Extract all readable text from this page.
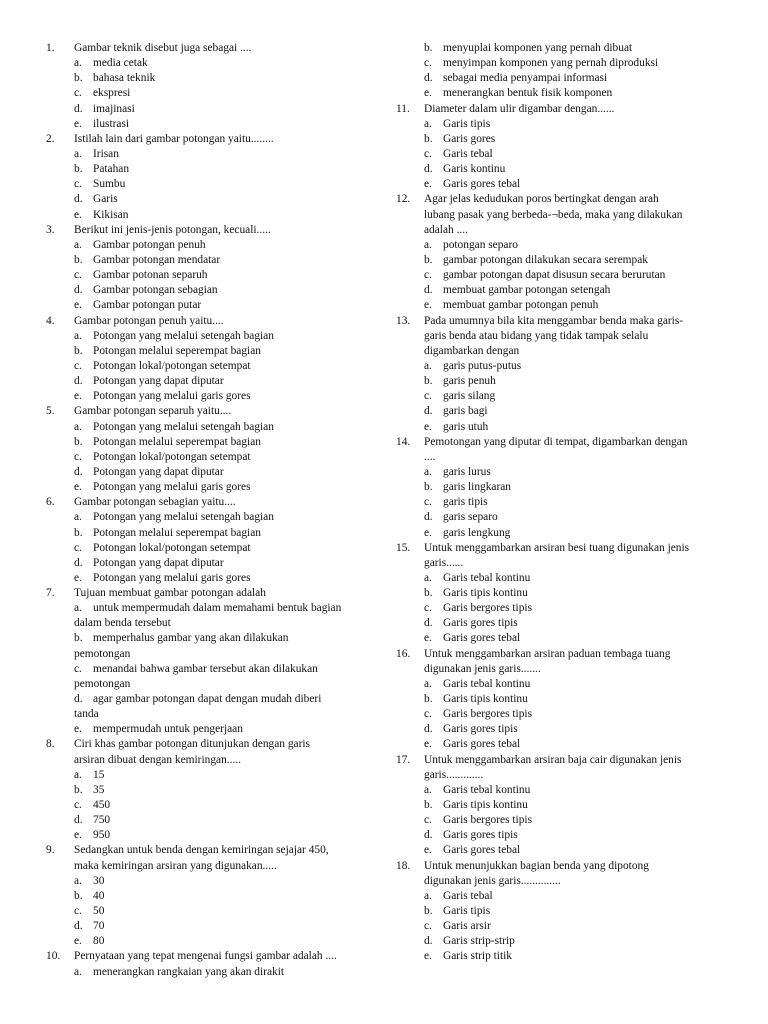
1.	Gambar teknik disebut juga sebagai ....
a. media cetak
b. bahasa teknik
c. ekspresi
d. imajinasi
e. ilustrasi
2.	Istilah lain dari gambar potongan yaitu........
a. Irisan
b. Patahan
c. Sumbu
d. Garis
e. Kikisan
3.	Berikut ini jenis-jenis potongan, kecuali.....
a. Gambar potongan penuh
b. Gambar potongan mendatar
c. Gambar potonan separuh
d. Gambar potongan sebagian
e. Gambar potongan putar
4.	Gambar potongan penuh yaitu....
a. Potongan yang melalui setengah bagian
b. Potongan melalui seperempat bagian
c. Potongan lokal/potongan setempat
d. Potongan yang dapat diputar
e. Potongan yang melalui garis gores
5.	Gambar potongan separuh yaitu....
a. Potongan yang melalui setengah bagian
b. Potongan melalui seperempat bagian
c. Potongan lokal/potongan setempat
d. Potongan yang dapat diputar
e. Potongan yang melalui garis gores
6.	Gambar potongan sebagian yaitu....
a. Potongan yang melalui setengah bagian
b. Potongan melalui seperempat bagian
c. Potongan lokal/potongan setempat
d. Potongan yang dapat diputar
e. Potongan yang melalui garis gores
7.	Tujuan membuat gambar potongan adalah
a. untuk mempermudah dalam memahami bentuk bagian
dalam benda tersebut
b. memperhalus gambar yang akan dilakukan
pemotongan
c. menandai bahwa gambar tersebut akan dilakukan
pemotongan
d. agar gambar potongan dapat dengan mudah diberi
tanda
e. mempermudah untuk pengerjaan
8.	Ciri khas gambar potongan ditunjukan dengan garis
arsiran dibuat dengan kemiringan.....
a. 15
b. 35
c. 450
d. 750
e. 950
9.	Sedangkan untuk benda dengan kemiringan sejajar 450,
maka kemiringan arsiran yang digunakan.....
a. 30
b. 40
c. 50
d. 70
e. 80
10.	Pernyataan yang tepat mengenai fungsi gambar adalah ....
a. menerangkan rangkaian yang akan dirakit
b. menyuplai komponen yang pernah dibuat
c. menyimpan komponen yang pernah diproduksi
d. sebagai media penyampai informasi
e. menerangkan bentuk fisik komponen
11.	Diameter dalam ulir digambar dengan......
a. Garis tipis
b. Garis gores
c. Garis tebal
d. Garis kontinu
e. Garis gores tebal
12.	Agar jelas kedudukan poros bertingkat dengan arah
lubang pasak yang berbeda-¬beda, maka yang dilakukan
adalah ....
a. potongan separo
b. gambar potongan dilakukan secara serempak
c. gambar potongan dapat disusun secara berurutan
d. membuat gambar potongan setengah
e. membuat gambar potongan penuh
13.	Pada umumnya bila kita menggambar benda maka garis-
garis benda atau bidang yang tidak tampak selalu
digambarkan dengan
a. garis putus-putus
b. garis penuh
c. garis silang
d. garis bagi
e. garis utuh
14.	Pemotongan yang diputar di tempat, digambarkan dengan
....
a. garis lurus
b. garis lingkaran
c. garis tipis
d. garis separo
e. garis lengkung
15.	Untuk menggambarkan arsiran besi tuang digunakan jenis
garis......
a. Garis tebal kontinu
b. Garis tipis kontinu
c. Garis bergores tipis
d. Garis gores tipis
e. Garis gores tebal
16.	Untuk menggambarkan arsiran paduan tembaga tuang
digunakan jenis garis.......
a. Garis tebal kontinu
b. Garis tipis kontinu
c. Garis bergores tipis
d. Garis gores tipis
e. Garis gores tebal
17.	Untuk menggambarkan arsiran baja cair digunakan jenis
garis.............
a. Garis tebal kontinu
b. Garis tipis kontinu
c. Garis bergores tipis
d. Garis gores tipis
e. Garis gores tebal
18.	Untuk menunjukkan bagian benda yang dipotong
digunakan jenis garis..............
a. Garis tebal
b. Garis tipis
c. Garis arsir
d. Garis strip-strip
e. Garis strip titik
